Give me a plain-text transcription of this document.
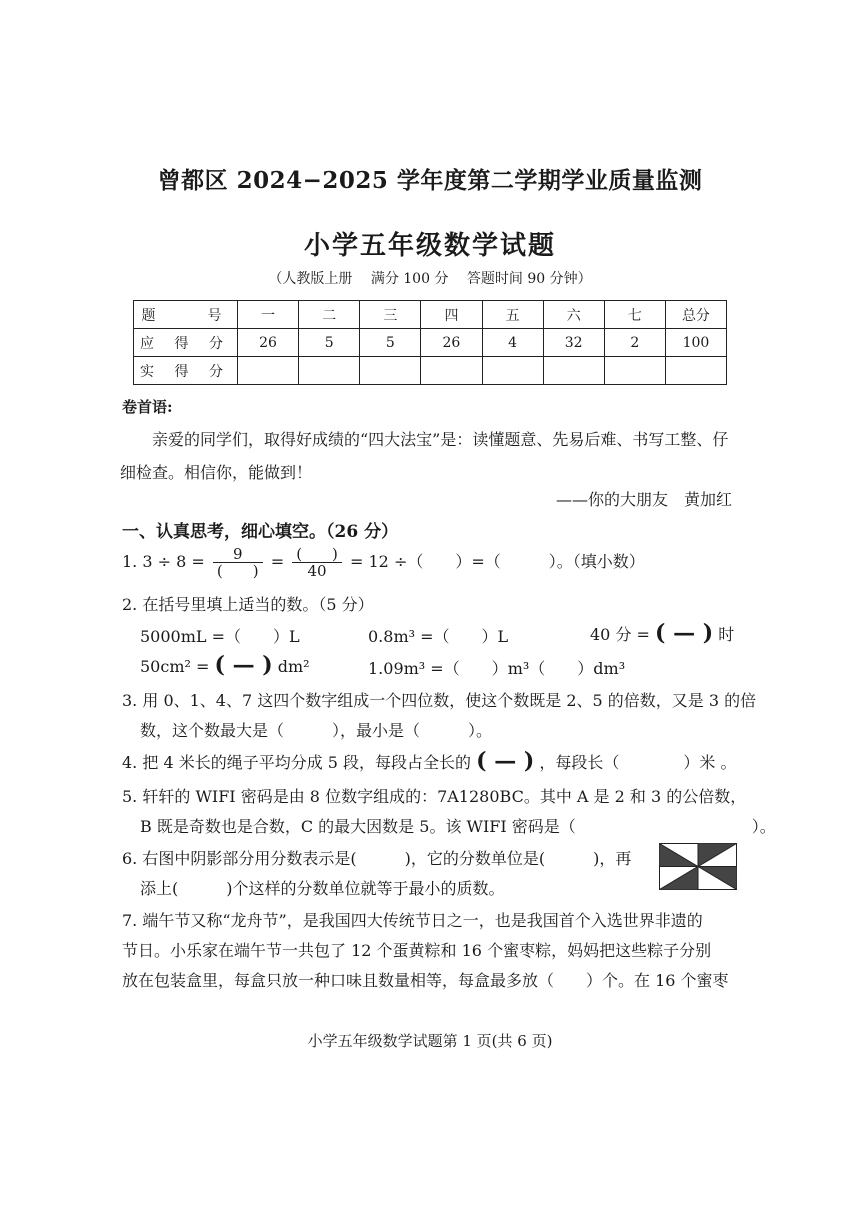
曾都区 2024−2025 学年度第二学期学业质量监测
小学五年级数学试题
（人教版上册　 满分 100 分　 答题时间 90 分钟）
题　　号	一	二	三	四	五	六	七	总分
应 得 分	26	5	5	26	4	32	2	100
实 得 分								
卷首语:
亲爱的同学们，取得好成绩的“四大法宝”是：读懂题意、先易后难、书写工整、仔细检查。相信你，能做到！
——你的大朋友　黄加红
一、认真思考，细心填空。（26 分）
1. $3 \div 8 = \frac{9}{( )} = \frac{( )}{40} = 12$ ÷（　　）=（　　　）。（填小数）
2. 在括号里填上适当的数。（5 分）
5000mL =（　　）L	0.8m³ =（　　）L	40 分 = ( — ) 时
50cm² = ( — ) dm²	1.09m³ =（　　）m³（　　）dm³
3. 用 0、1、4、7 这四个数字组成一个四位数，使这个数既是 2、5 的倍数，又是 3 的倍
数，这个数最大是（　　　），最小是（　　　）。
4. 把 4 米长的绳子平均分成 5 段，每段占全长的 ( — ) ，每段长（　　　　）米 。
5. 轩轩的 WIFI 密码是由 8 位数字组成的：7A1280BC。其中 A 是 2 和 3 的公倍数，
B 既是奇数也是合数，C 的最大因数是 5。该 WIFI 密码是（　　　　　　　　　　　）。
6. 右图中阴影部分用分数表示是(　　　)，它的分数单位是(　　　)，再
添上(　　　)个这样的分数单位就等于最小的质数。
7. 端午节又称“龙舟节”，是我国四大传统节日之一，也是我国首个入选世界非遗的
节日。小乐家在端午节一共包了 12 个蛋黄粽和 16 个蜜枣粽，妈妈把这些粽子分别
放在包装盒里，每盒只放一种口味且数量相等，每盒最多放（　　）个。在 16 个蜜枣
小学五年级数学试题第 1 页(共 6 页)
